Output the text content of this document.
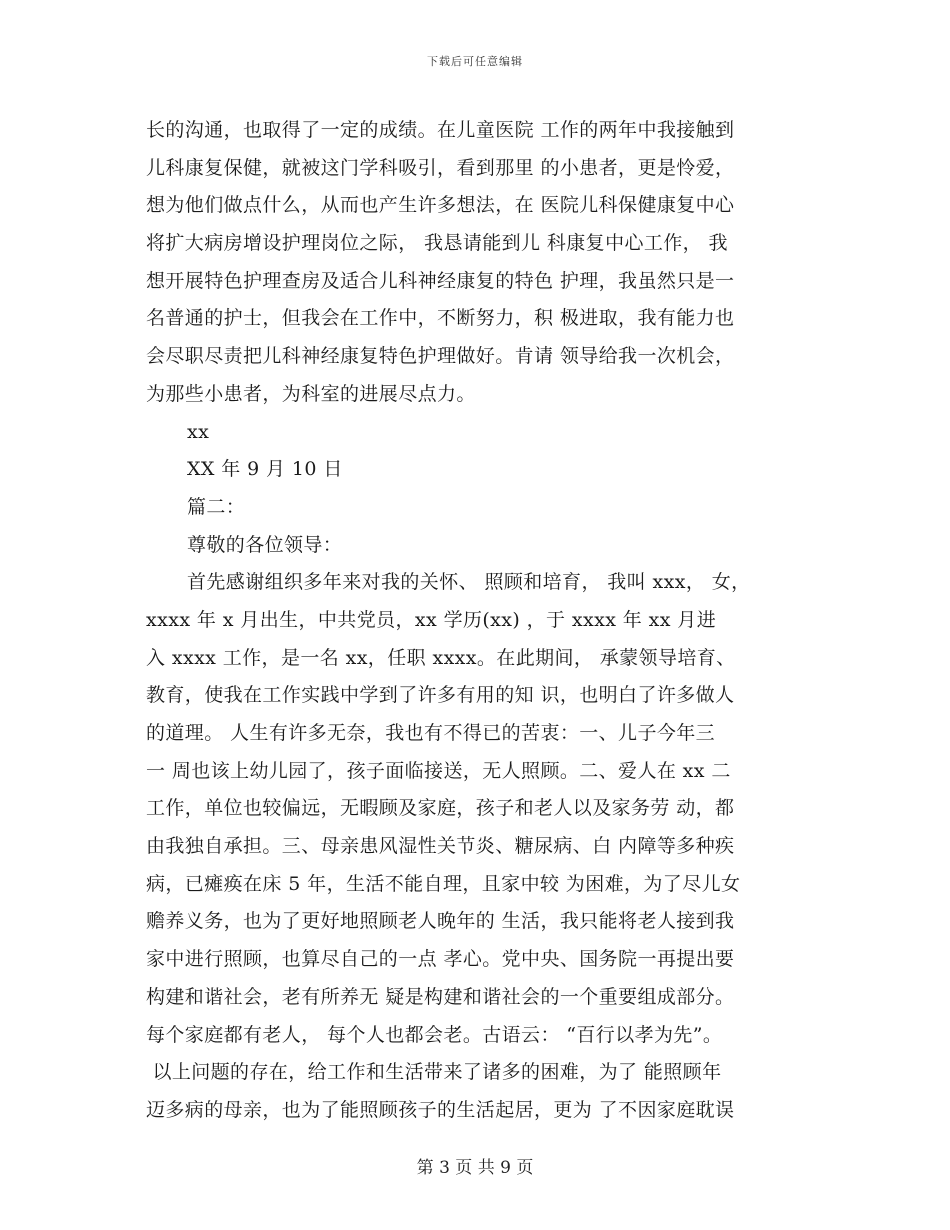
下载后可任意编辑
长的沟通，也取得了一定的成绩。在儿童医院 工作的两年中我接触到
儿科康复保健，就被这门学科吸引，看到那里 的小患者，更是怜爱，
想为他们做点什么，从而也产生许多想法，在 医院儿科保健康复中心
将扩大病房增设护理岗位之际， 我恳请能到儿 科康复中心工作， 我
想开展特色护理查房及适合儿科神经康复的特色 护理，我虽然只是一
名普通的护士，但我会在工作中，不断努力，积 极进取，我有能力也
会尽职尽责把儿科神经康复特色护理做好。肯请 领导给我一次机会，
为那些小患者，为科室的进展尽点力。
xx
XX 年 9 月 10 日
篇二：
尊敬的各位领导：
首先感谢组织多年来对我的关怀、 照顾和培育， 我叫 xxx， 女，
xxxx 年 x 月出生，中共党员，xx 学历(xx) ，于 xxxx 年 xx 月进
入 xxxx 工作，是一名 xx，任职 xxxx。在此期间， 承蒙领导培育、
教育，使我在工作实践中学到了许多有用的知 识，也明白了许多做人
的道理。 人生有许多无奈，我也有不得已的苦衷：一、儿子今年三
一 周也该上幼儿园了，孩子面临接送，无人照顾。二、爱人在 xx 二
工作，单位也较偏远，无暇顾及家庭，孩子和老人以及家务劳 动，都
由我独自承担。三、母亲患风湿性关节炎、糖尿病、白 内障等多种疾
病，已瘫痪在床 5 年，生活不能自理，且家中较 为困难，为了尽儿女
赡养义务，也为了更好地照顾老人晚年的 生活，我只能将老人接到我
家中进行照顾，也算尽自己的一点 孝心。党中央、国务院一再提出要
构建和谐社会，老有所养无 疑是构建和谐社会的一个重要组成部分。
每个家庭都有老人， 每个人也都会老。古语云： “百行以孝为先”。
以上问题的存在，给工作和生活带来了诸多的困难，为了 能照顾年
迈多病的母亲，也为了能照顾孩子的生活起居，更为 了不因家庭耽误
第 3 页 共 9 页
